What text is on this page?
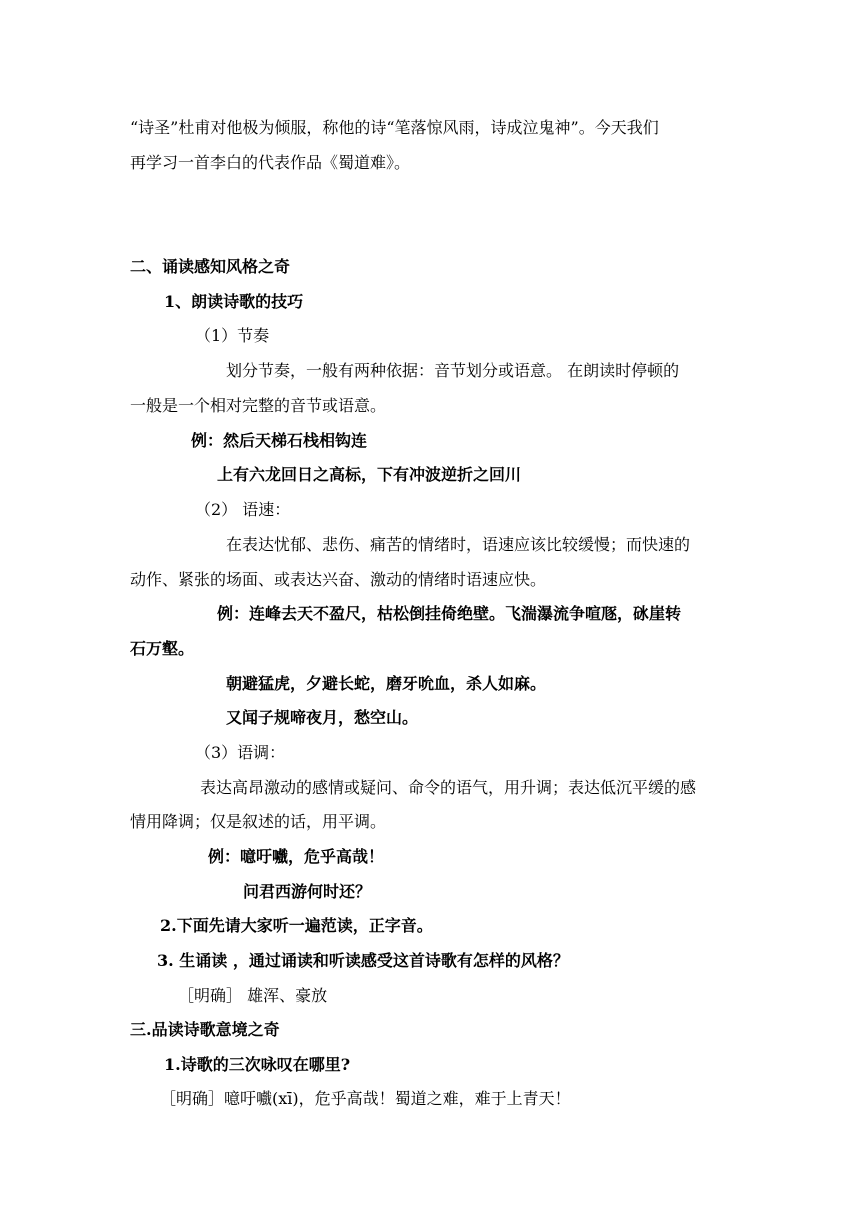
“诗圣”杜甫对他极为倾服，称他的诗“笔落惊风雨，诗成泣鬼神”。今天我们
再学习一首李白的代表作品《蜀道难》。
二、诵读感知风格之奇
1、朗读诗歌的技巧
（1）节奏
划分节奏，一般有两种依据：音节划分或语意。 在朗读时停顿的
一般是一个相对完整的音节或语意。
例：然后天梯石栈相钩连
上有六龙回日之高标，下有冲波逆折之回川
（2） 语速：
在表达忧郁、悲伤、痛苦的情绪时，语速应该比较缓慢；而快速的
动作、紧张的场面、或表达兴奋、激动的情绪时语速应快。
例：连峰去天不盈尺，枯松倒挂倚绝壁。飞湍瀑流争喧豗，砯崖转
石万壑。
朝避猛虎，夕避长蛇，磨牙吮血，杀人如麻。
又闻子规啼夜月，愁空山。
（3）语调：
表达高昂激动的感情或疑问、命令的语气，用升调；表达低沉平缓的感
情用降调；仅是叙述的话，用平调。
例：噫吁嚱，危乎高哉！
问君西游何时还？
2.下面先请大家听一遍范读，正字音。
3. 生诵读 ，通过诵读和听读感受这首诗歌有怎样的风格？
［明确］ 雄浑、豪放
三.品读诗歌意境之奇
1.诗歌的三次咏叹在哪里?
［明确］噫吁嚱(xī)，危乎高哉！蜀道之难，难于上青天！
